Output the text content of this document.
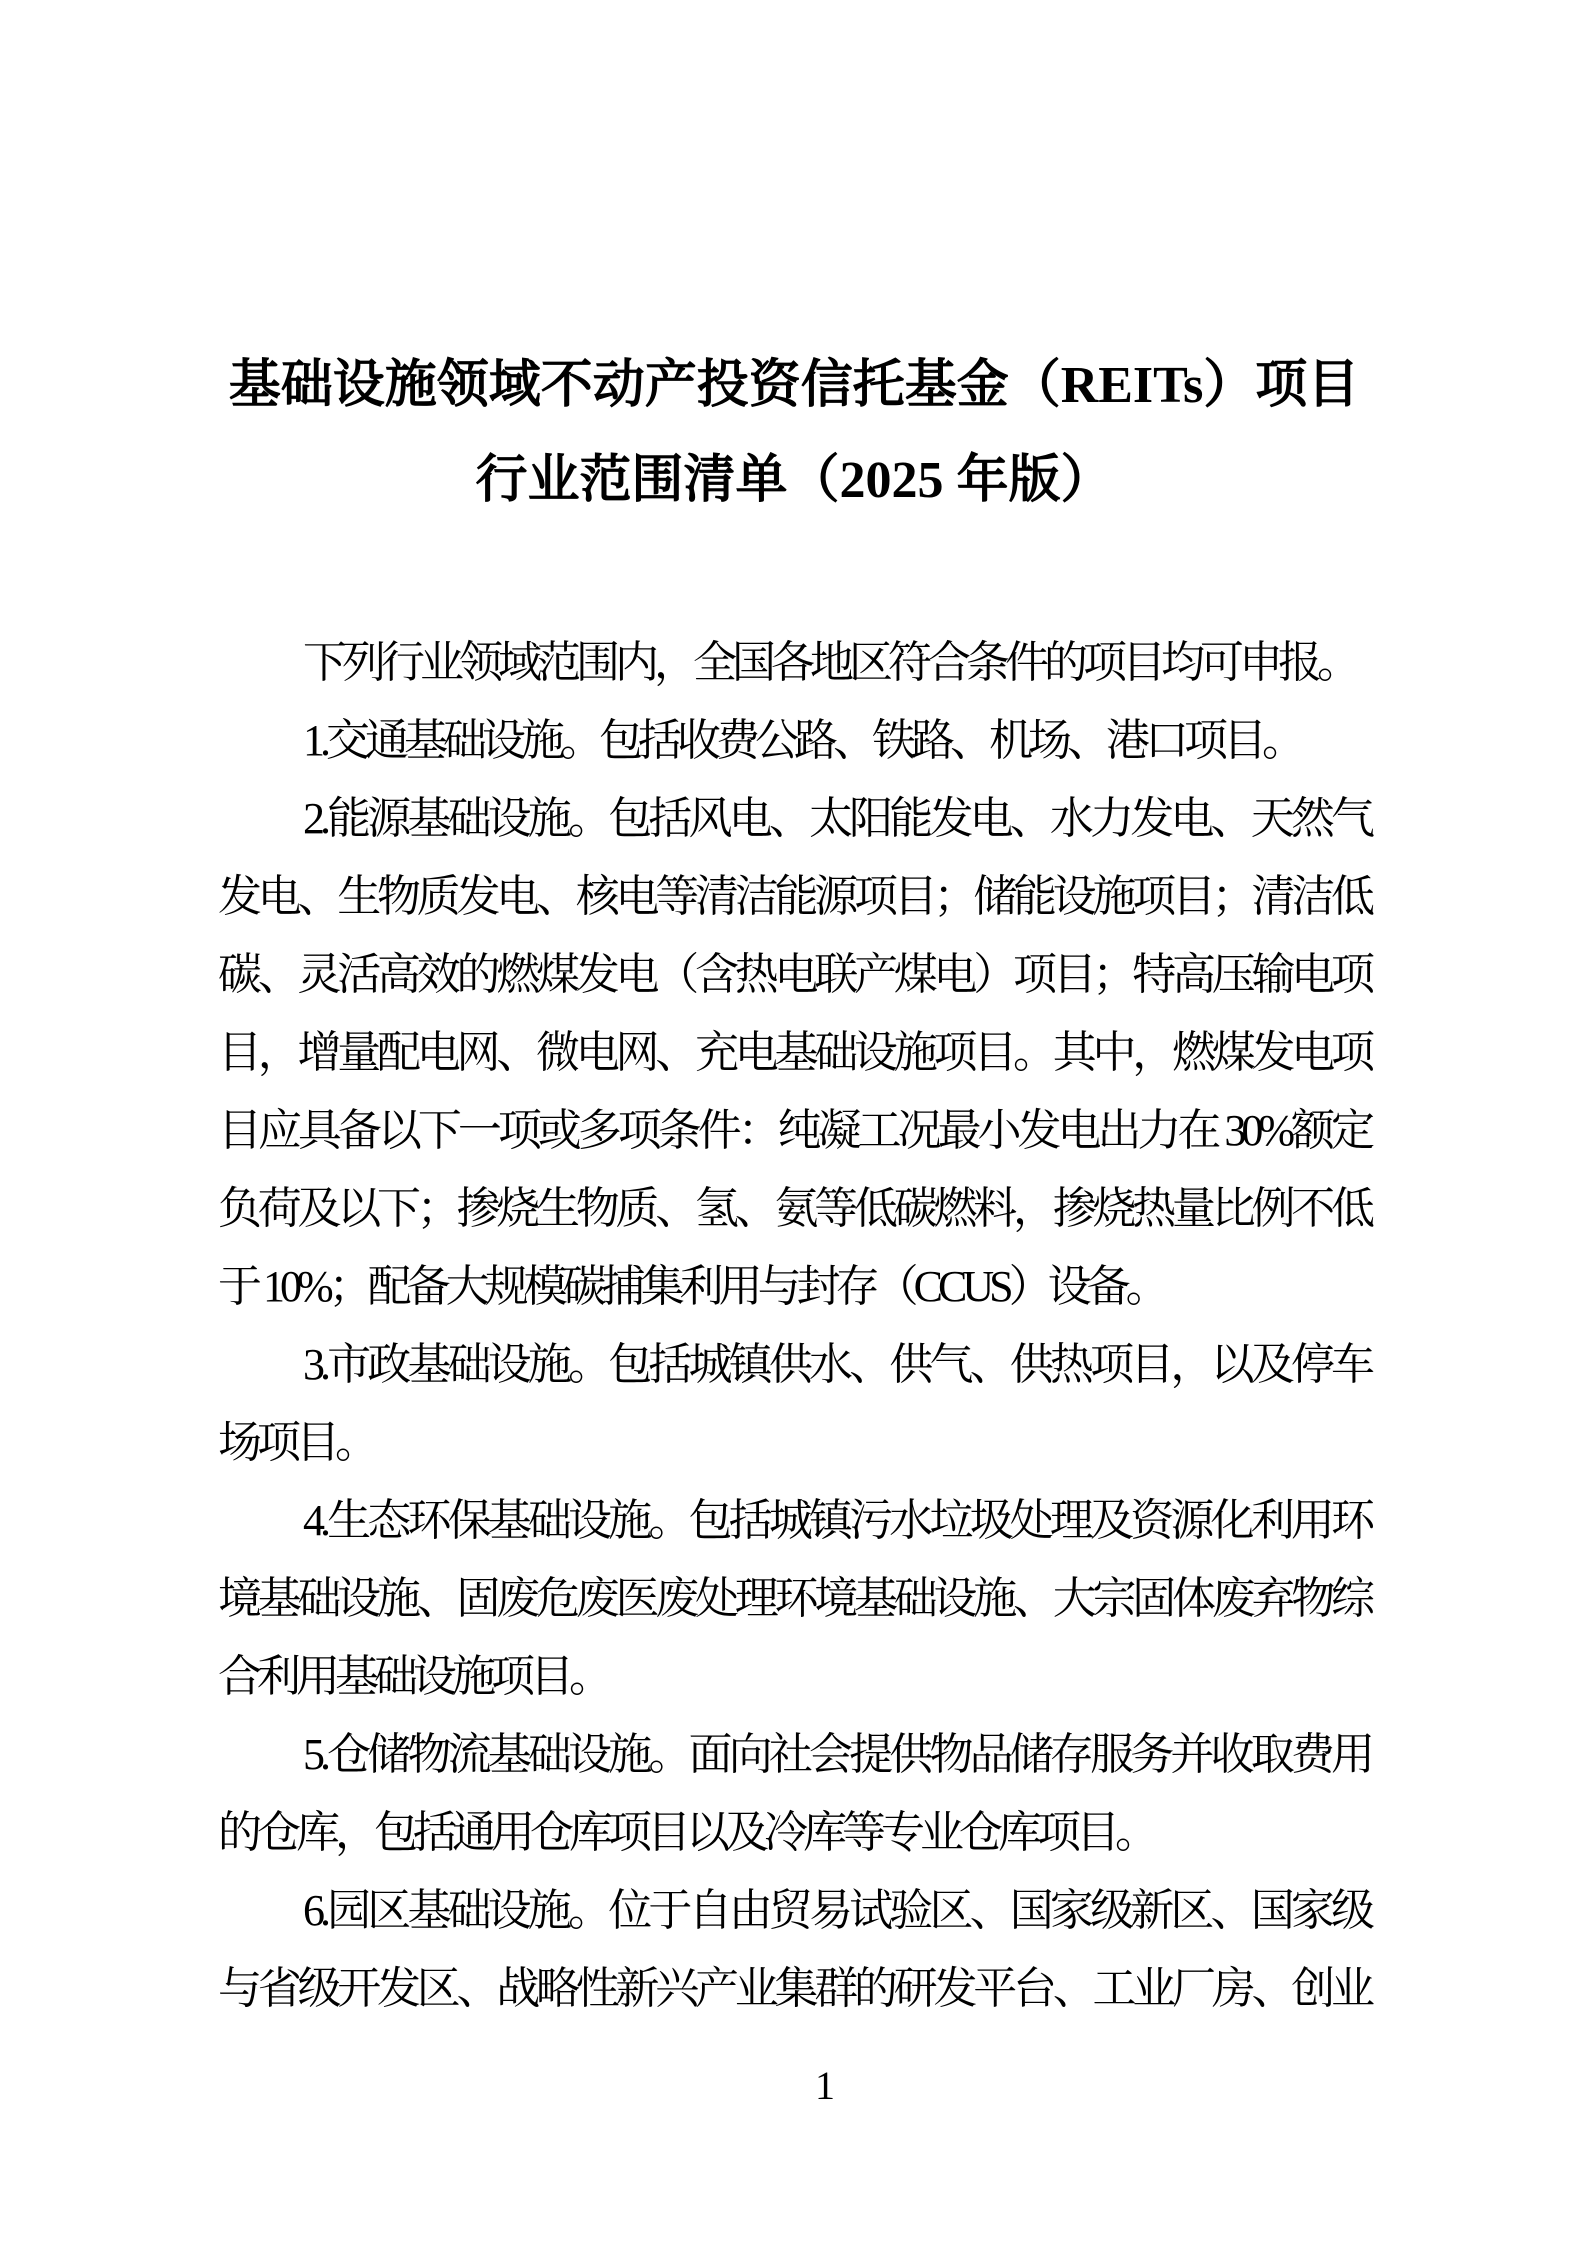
基础设施领域不动产投资信托基金（REITs）项目
行业范围清单（2025 年版）
下列行业领域范围内，全国各地区符合条件的项目均可申报。
1.交通基础设施。包括收费公路、铁路、机场、港口项目。
2.能源基础设施。包括风电、太阳能发电、水力发电、天然气
发电、生物质发电、核电等清洁能源项目；储能设施项目；清洁低
碳、灵活高效的燃煤发电（含热电联产煤电）项目；特高压输电项
目，增量配电网、微电网、充电基础设施项目。其中，燃煤发电项
目应具备以下一项或多项条件：纯凝工况最小发电出力在 30%额定
负荷及以下；掺烧生物质、氢、氨等低碳燃料，掺烧热量比例不低
于 10%；配备大规模碳捕集利用与封存（CCUS）设备。
3.市政基础设施。包括城镇供水、供气、供热项目，以及停车
场项目。
4.生态环保基础设施。包括城镇污水垃圾处理及资源化利用环
境基础设施、固废危废医废处理环境基础设施、大宗固体废弃物综
合利用基础设施项目。
5.仓储物流基础设施。面向社会提供物品储存服务并收取费用
的仓库，包括通用仓库项目以及冷库等专业仓库项目。
6.园区基础设施。位于自由贸易试验区、国家级新区、国家级
与省级开发区、战略性新兴产业集群的研发平台、工业厂房、创业
1
